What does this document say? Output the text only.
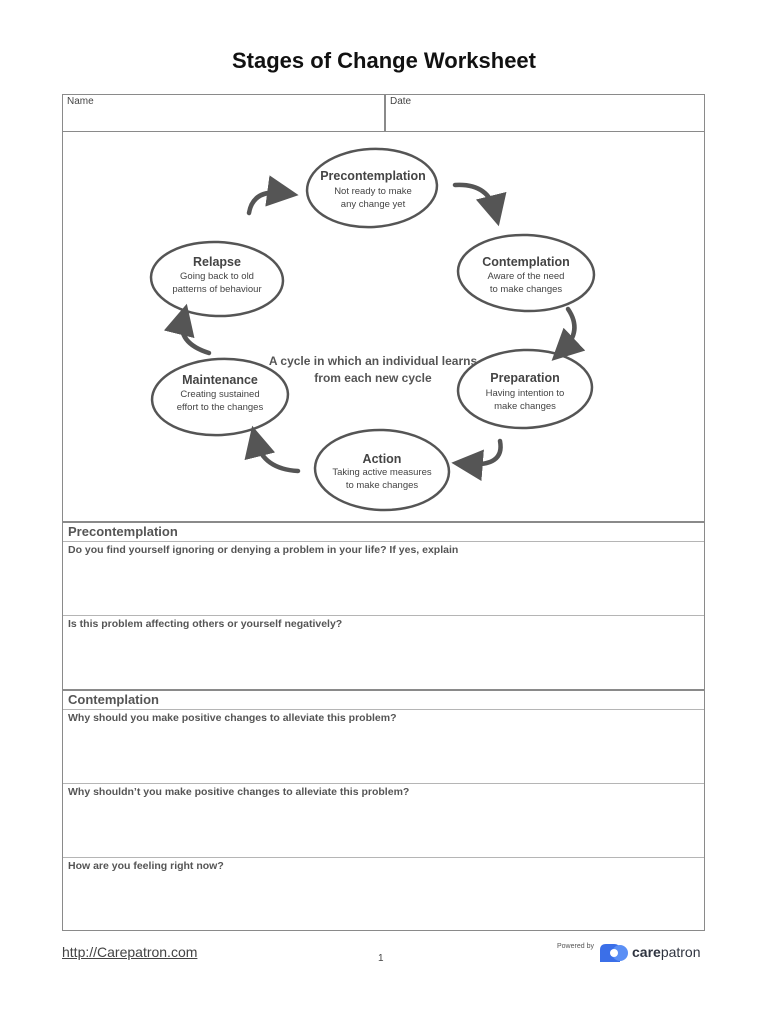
Stages of Change Worksheet
Name	Date
Precontemplation
Not ready to make
any change yet
Contemplation
Aware of the need
to make changes
Preparation
Having intention to
make changes
Action
Taking active measures
to make changes
Maintenance
Creating sustained
effort to the changes
Relapse
Going back to old
patterns of behaviour
A cycle in which an individual learns
from each new cycle
Precontemplation
Do you find yourself ignoring or denying a problem in your life? If yes, explain
Is this problem affecting others or yourself negatively?
Contemplation
Why should you make positive changes to alleviate this problem?
Why shouldn’t you make positive changes to alleviate this problem?
How are you feeling right now?
http://Carepatron.com	1
Powered by	carepatron
